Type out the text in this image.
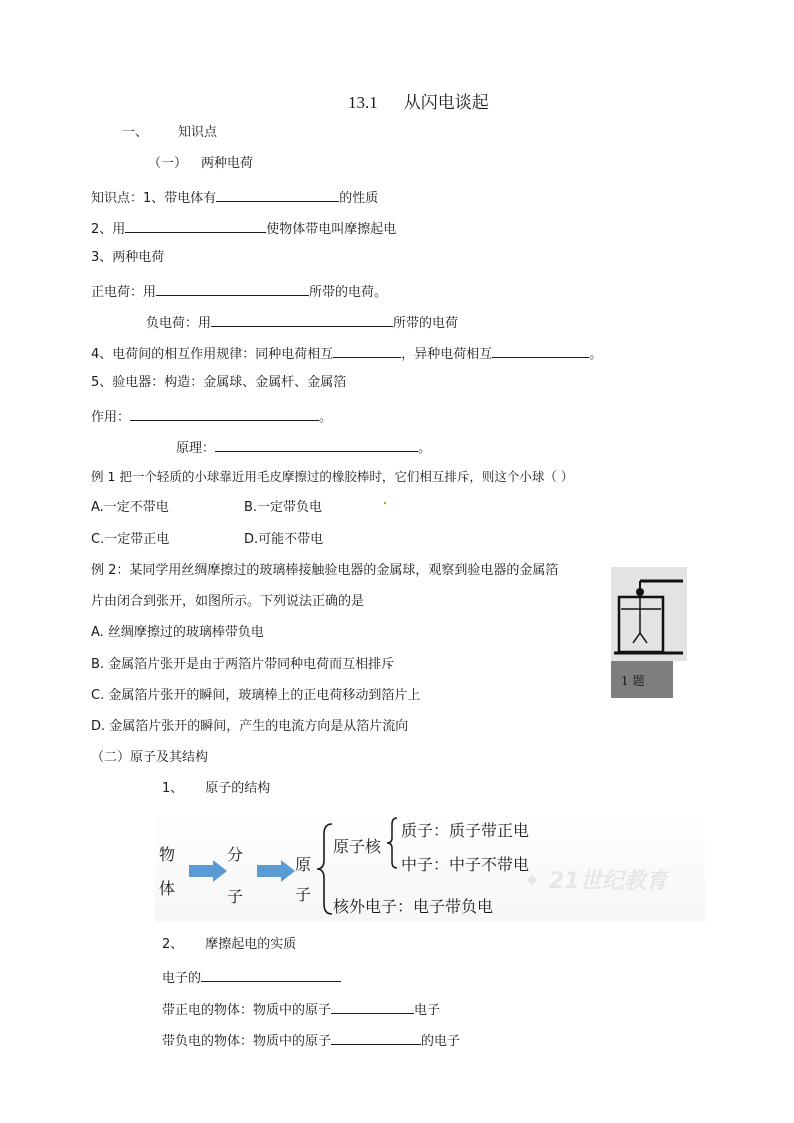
13.1 从闪电谈起
一、 知识点
（一） 两种电荷
知识点：1、带电体有	的性质
2、用	使物体带电叫摩擦起电
3、两种电荷
正电荷：用	所带的电荷。
负电荷：用	所带的电荷
4、电荷间的相互作用规律：同种电荷相互	，异种电荷相互	。
5、验电器：构造：金属球、金属杆、金属箔
作用：	。
原理：	。
例 1 把一个轻质的小球靠近用毛皮摩擦过的橡胶棒时，它们相互排斥，则这个小球（ ）
A.一定不带电	B.一定带负电
C.一定带正电	D.可能不带电
例 2：某同学用丝绸摩擦过的玻璃棒接触验电器的金属球，观察到验电器的金属箔
片由闭合到张开，如图所示。下列说法正确的是
A. 丝绸摩擦过的玻璃棒带负电
B. 金属箔片张开是由于两箔片带同种电荷而互相排斥
C. 金属箔片张开的瞬间，玻璃棒上的正电荷移动到箔片上
D. 金属箔片张开的瞬间，产生的电流方向是从箔片流向
1 题
（二）原子及其结构
1、 原子的结构
✦ 21世纪教育
物
体
分
子
原
子
原子核
质子：质子带正电
中子：中子不带电
核外电子：电子带负电
2、 摩擦起电的实质
电子的
带正电的物体：物质中的原子	电子
带负电的物体：物质中的原子	的电子
